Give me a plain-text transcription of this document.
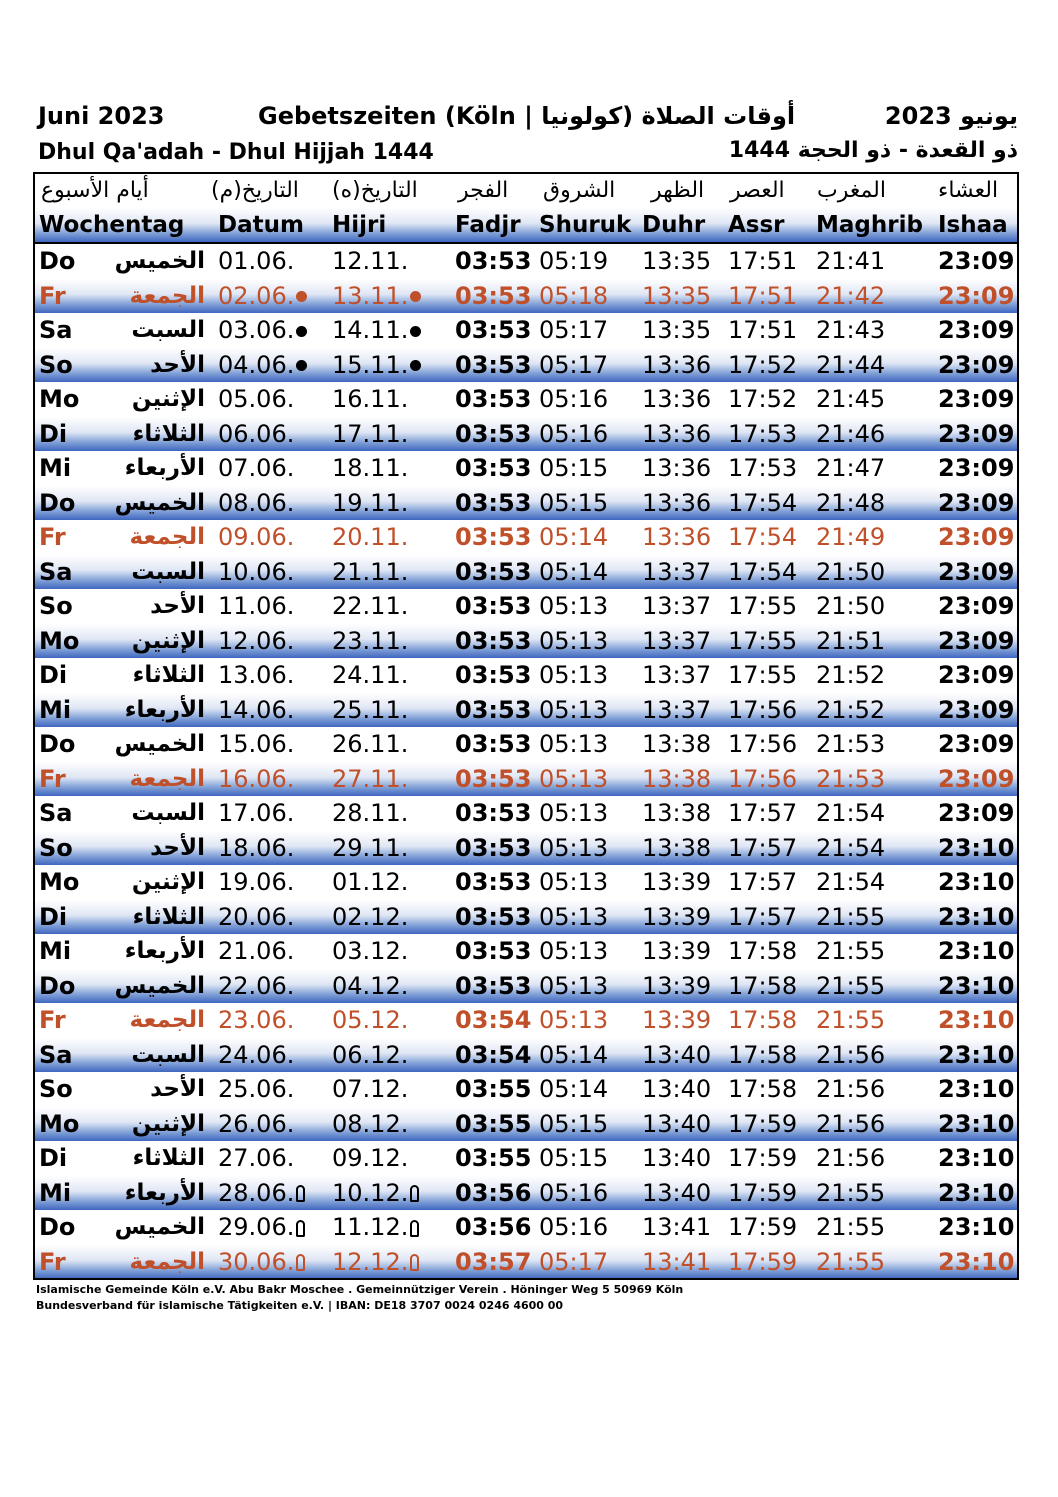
Juni 2023	Gebetszeiten (Köln | كولونيا) أوقات الصلاة	يونيو 2023
Dhul Qa'adah - Dhul Hijjah 1444	ذو القعدة - ذو الحجة 1444
أيام الأسبوع	التاريخ(م) التاريخ(ه) الفجر الشروق الظهر العصر المغرب العشاء
Wochentag Datum Hijri	Fadjr Shuruk Duhr Assr Maghrib Ishaa
Do الخميس 01.06. 12.11. 03:53 05:19 13:35 17:51 21:41 23:09
Fr	الجمعة 02.06.	13.11.	03:53 05:18 13:35 17:51 21:42 23:09
Sa	السبت 03.06.	14.11.	03:53 05:17 13:35 17:51 21:43 23:09
So	الأحد 04.06.	15.11.	03:53 05:17 13:36 17:52 21:44 23:09
Mo	الإثنين 05.06. 16.11. 03:53 05:16 13:36 17:52 21:45 23:09
Di	الثلاثاء 06.06. 17.11. 03:53 05:16 13:36 17:53 21:46 23:09
Mi	الأربعاء 07.06. 18.11. 03:53 05:15 13:36 17:53 21:47 23:09
Do الخميس 08.06. 19.11. 03:53 05:15 13:36 17:54 21:48 23:09
Fr	الجمعة 09.06. 20.11. 03:53 05:14 13:36 17:54 21:49 23:09
Sa	السبت 10.06. 21.11. 03:53 05:14 13:37 17:54 21:50 23:09
So	الأحد 11.06. 22.11. 03:53 05:13 13:37 17:55 21:50 23:09
Mo	الإثنين 12.06. 23.11. 03:53 05:13 13:37 17:55 21:51 23:09
Di	الثلاثاء 13.06. 24.11. 03:53 05:13 13:37 17:55 21:52 23:09
Mi	الأربعاء 14.06. 25.11. 03:53 05:13 13:37 17:56 21:52 23:09
Do الخميس 15.06. 26.11. 03:53 05:13 13:38 17:56 21:53 23:09
Fr	الجمعة 16.06. 27.11. 03:53 05:13 13:38 17:56 21:53 23:09
Sa	السبت 17.06. 28.11. 03:53 05:13 13:38 17:57 21:54 23:09
So	الأحد 18.06. 29.11. 03:53 05:13 13:38 17:57 21:54 23:10
Mo	الإثنين 19.06. 01.12. 03:53 05:13 13:39 17:57 21:54 23:10
Di	الثلاثاء 20.06. 02.12. 03:53 05:13 13:39 17:57 21:55 23:10
Mi	الأربعاء 21.06. 03.12. 03:53 05:13 13:39 17:58 21:55 23:10
Do الخميس 22.06. 04.12. 03:53 05:13 13:39 17:58 21:55 23:10
Fr	الجمعة 23.06. 05.12. 03:54 05:13 13:39 17:58 21:55 23:10
Sa	السبت 24.06. 06.12. 03:54 05:14 13:40 17:58 21:56 23:10
So	الأحد 25.06. 07.12. 03:55 05:14 13:40 17:58 21:56 23:10
Mo	الإثنين 26.06. 08.12. 03:55 05:15 13:40 17:59 21:56 23:10
Di	الثلاثاء 27.06. 09.12. 03:55 05:15 13:40 17:59 21:56 23:10
Mi	الأربعاء 28.06.	10.12.	03:56 05:16 13:40 17:59 21:55 23:10
Do الخميس 29.06.	11.12.	03:56 05:16 13:41 17:59 21:55 23:10
Fr	الجمعة 30.06.	12.12.	03:57 05:17 13:41 17:59 21:55 23:10
Islamische Gemeinde Köln e.V. Abu Bakr Moschee . Gemeinnütziger Verein . Höninger Weg 5 50969 Köln
Bundesverband für islamische Tätigkeiten e.V. | IBAN: DE18 3707 0024 0246 4600 00
